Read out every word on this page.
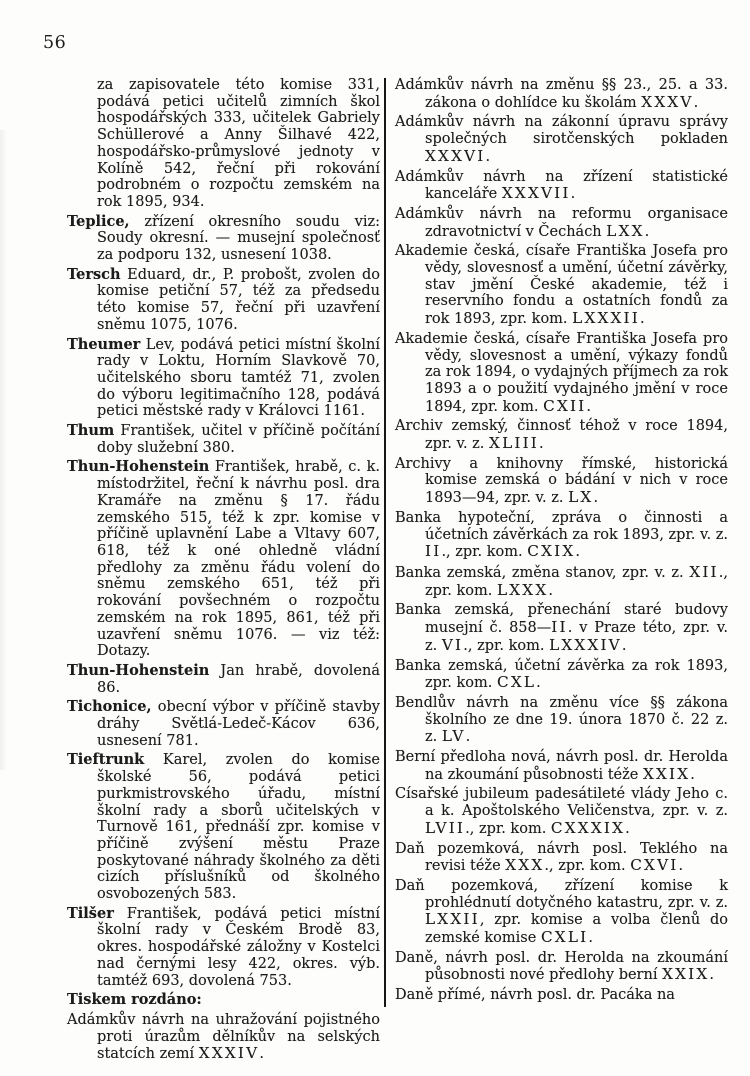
56

za zapisovatele této komise 331, podává petici učitelů zimních škol hospodářských 333, učitelek Gabriely Schüllerové a Anny Šilhavé 422, hospodářsko-průmyslové jednoty v Kolíně 542, řeční při rokování podrobném o rozpočtu zemském na rok 1895, 934.

Teplice, zřízení okresního soudu viz: Soudy okresní. — musejní společnosť za podporu 132, usnesení 1038.

Tersch Eduard, dr., P. probošt, zvolen do komise petiční 57, též za předsedu této komise 57, řeční při uzavření sněmu 1075, 1076.

Theumer Lev, podává petici místní školní rady v Loktu, Horním Slavkově 70, učitelského sboru tamtéž 71, zvolen do výboru legitimačního 128, podává petici městské rady v Královci 1161.

Thum František, učitel v příčině počítání doby služební 380.

Thun-Hohenstein František, hrabě, c. k. místodržitel, řeční k návrhu posl. dra Kramáře na změnu § 17. řádu zemského 515, též k zpr. komise v příčině uplavnění Labe a Vltavy 607, 618, též k oné ohledně vládní předlohy za změnu řádu volení do sněmu zemského 651, též při rokování povšechném o rozpočtu zemském na rok 1895, 861, též při uzavření sněmu 1076. — viz též: Dotazy.

Thun-Hohenstein Jan hrabě, dovolená 86.

Tichonice, obecní výbor v příčině stavby dráhy Světlá-Ledeč-Kácov 636, usnesení 781.

Tieftrunk Karel, zvolen do komise školské 56, podává petici purkmistrovského úřadu, místní školní rady a sborů učitelských v Turnově 161, přednáší zpr. komise v příčině zvýšení městu Praze poskytované náhrady školného za děti cizích příslušníků od školného osvobozených 583.

Tilšer František, podává petici místní školní rady v Českém Brodě 83, okres. hospodářské záložny v Kostelci nad černými lesy 422, okres. výb. tamtéž 693, dovolená 753.

Tiskem rozdáno:

Adámkův návrh na uhražování pojistného proti úrazům dělníkův na selských statcích zemí XXXIV.

Adámkův návrh na změnu §§ 23., 25. a 33. zákona o dohlídce ku školám XXXV.

Adámkův návrh na zákonní úpravu správy společných sirotčenských pokladen XXXVI.

Adámkův návrh na zřízení statistické kanceláře XXXVII.

Adámkův návrh na reformu organisace zdravotnictví v Čechách LXX.

Akademie česká, císaře Františka Josefa pro vědy, slovesnosť a umění, účetní závěrky, stav jmění České akademie, též i reservního fondu a ostatních fondů za rok 1893, zpr. kom. LXXXII.

Akademie česká, císaře Františka Josefa pro vědy, slovesnost a umění, výkazy fondů za rok 1894, o vydajných příjmech za rok 1893 a o použití vydajného jmění v roce 1894, zpr. kom. CXII.

Archiv zemský, činnosť téhož v roce 1894, zpr. v. z. XLIII.

Archivy a knihovny římské, historická komise zemská o bádání v nich v roce 1893—94, zpr. v. z. LX.

Banka hypoteční, zpráva o činnosti a účetních závěrkách za rok 1893, zpr. v. z. II., zpr. kom. CXIX.

Banka zemská, změna stanov, zpr. v. z. XII., zpr. kom. LXXX.

Banka zemská, přenechání staré budovy musejní č. 858—II. v Praze této, zpr. v. z. VI., zpr. kom. LXXXIV.

Banka zemská, účetní závěrka za rok 1893, zpr. kom. CXL.

Bendlův návrh na změnu více §§ zákona školního ze dne 19. února 1870 č. 22 z. z. LV.

Berní předloha nová, návrh posl. dr. Herolda na zkoumání působnosti téže XXIX.

Císařské jubileum padesátileté vlády Jeho c. a k. Apoštolského Veličenstva, zpr. v. z. LVII., zpr. kom. CXXXIX.

Daň pozemková, návrh posl. Teklého na revisi téže XXX., zpr. kom. CXVI.

Daň pozemková, zřízení komise k prohlédnutí dotyčného katastru, zpr. v. z. LXXII, zpr. komise a volba členů do zemské komise CXLI.

Daně, návrh posl. dr. Herolda na zkoumání působnosti nové předlohy berní XXIX.

Daně přímé, návrh posl. dr. Pacáka na
